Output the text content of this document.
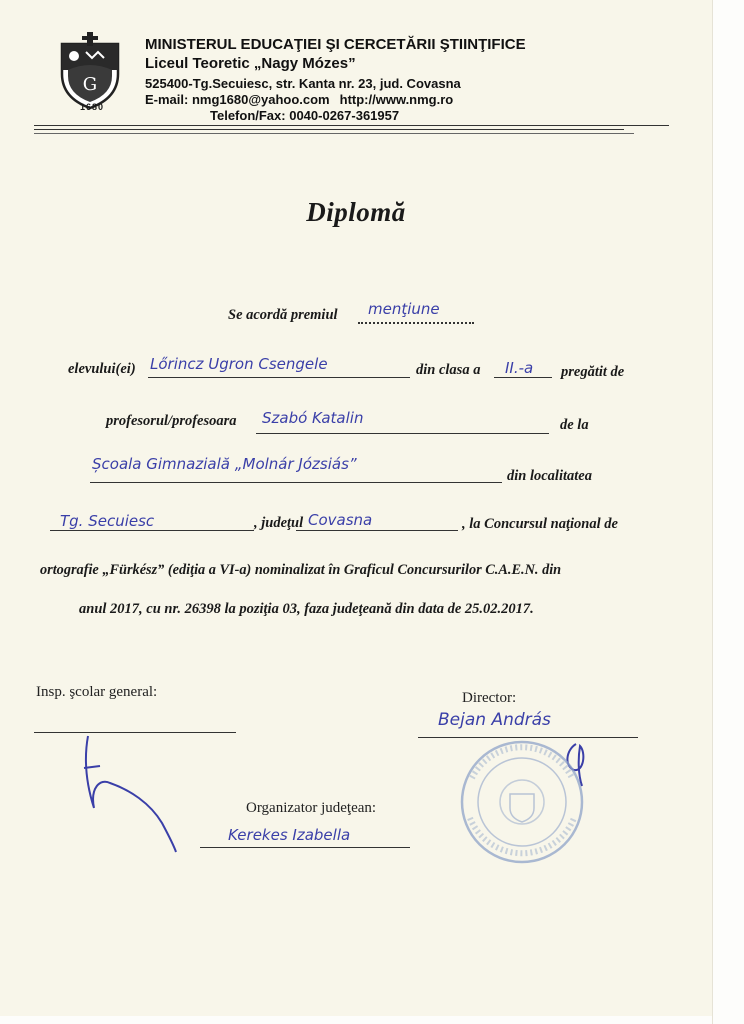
G
1680
MINISTERUL EDUCAŢIEI ŞI CERCETĂRII ŞTIINŢIFICE
Liceul Teoretic „Nagy Mózes”
525400-Tg.Secuiesc, str. Kanta nr. 23, jud. Covasna
E-mail: nmg1680@yahoo.com http://www.nmg.ro
Telefon/Fax: 0040-0267-361957
Diplomă
Se acordă premiul menţiune
elevului(ei) Lőrincz Ugron Csengele	din clasa a II.-a pregătit de
profesorul/profesoara Szabó Katalin	de la
Școala Gimnazială „Molnár Józsiás”
din localitatea
Tg. Secuiesc	, judeţul Covasna	, la Concursul naţional de
ortografie „Fürkész” (ediţia a VI-a) nominalizat în Graficul Concursurilor C.A.E.N. din
anul 2017, cu nr. 26398 la poziţia 03, faza judeţeană din data de 25.02.2017.
Insp. şcolar general:	Director:
Bejan András
Organizator judeţean:
Kerekes Izabella
